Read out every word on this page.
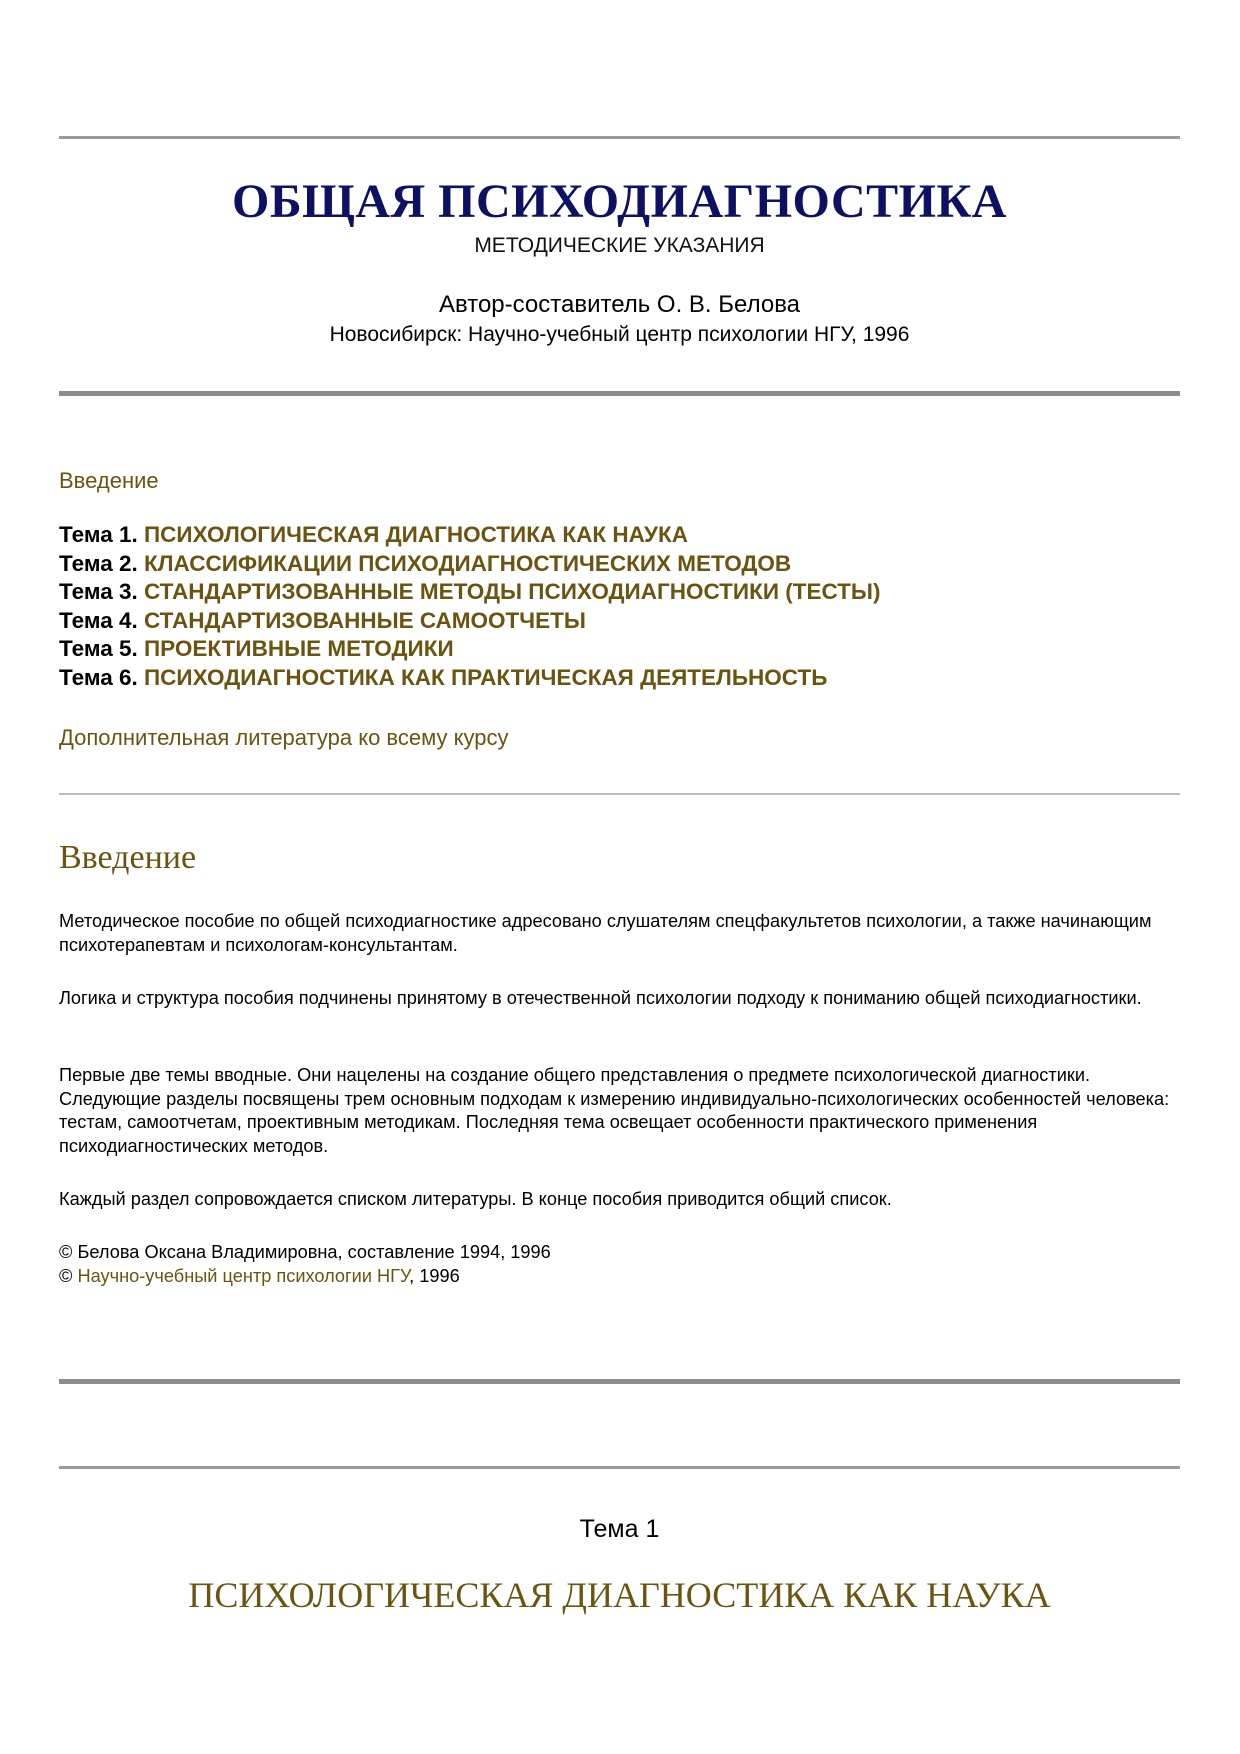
ОБЩАЯ ПСИХОДИАГНОСТИКА
МЕТОДИЧЕСКИЕ УКАЗАНИЯ
Автор-составитель О. В. Белова
Новосибирск: Научно-учебный центр психологии НГУ, 1996
Введение
Тема 1. ПСИХОЛОГИЧЕСКАЯ ДИАГНОСТИКА КАК НАУКА
Тема 2. КЛАССИФИКАЦИИ ПСИХОДИАГНОСТИЧЕСКИХ МЕТОДОВ
Тема 3. СТАНДАРТИЗОВАННЫЕ МЕТОДЫ ПСИХОДИАГНОСТИКИ (ТЕСТЫ)
Тема 4. СТАНДАРТИЗОВАННЫЕ САМООТЧЕТЫ
Тема 5. ПРОЕКТИВНЫЕ МЕТОДИКИ
Тема 6. ПСИХОДИАГНОСТИКА КАК ПРАКТИЧЕСКАЯ ДЕЯТЕЛЬНОСТЬ
Дополнительная литература ко всему курсу
Введение

Методическое пособие по общей психодиагностике адресовано слушателям спецфакультетов психологии, а также начинающим психотерапевтам и психологам-консультантам.

Логика и структура пособия подчинены принятому в отечественной психологии подходу к пониманию общей психодиагностики.

Первые две темы вводные. Они нацелены на создание общего представления о предмете психологической диагностики. Следующие разделы посвящены трем основным подходам к измерению индивидуально-психологических особенностей человека: тестам, самоотчетам, проективным методикам. Последняя тема освещает особенности практического применения психодиагностических методов.

Каждый раздел сопровождается списком литературы. В конце пособия приводится общий список.

© Белова Оксана Владимировна, составление 1994, 1996
© Научно-учебный центр психологии НГУ, 1996
Тема 1
ПСИХОЛОГИЧЕСКАЯ ДИАГНОСТИКА КАК НАУКА
